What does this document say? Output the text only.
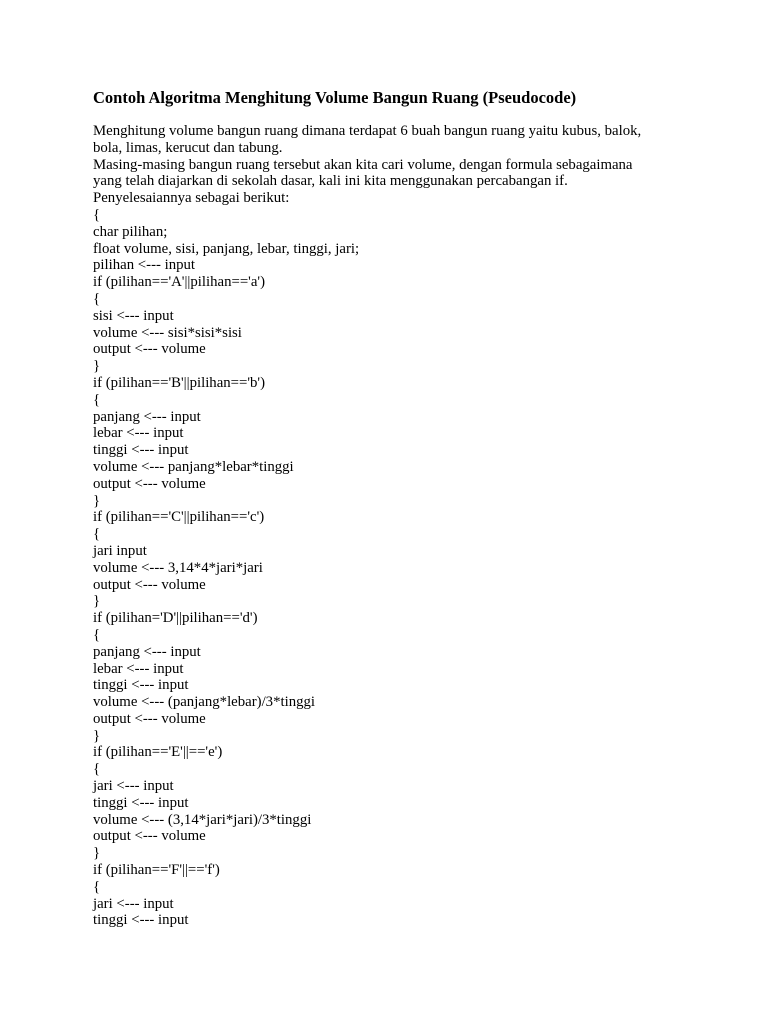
Contoh Algoritma Menghitung Volume Bangun Ruang (Pseudocode)

Menghitung volume bangun ruang dimana terdapat 6 buah bangun ruang yaitu kubus, balok,

bola, limas, kerucut dan tabung.

Masing-masing bangun ruang tersebut akan kita cari volume, dengan formula sebagaimana

yang telah diajarkan di sekolah dasar, kali ini kita menggunakan percabangan if.

Penyelesaiannya sebagai berikut:

{

char pilihan;

float volume, sisi, panjang, lebar, tinggi, jari;

pilihan <--- input

if (pilihan=='A'||pilihan=='a')

{

sisi <--- input

volume <--- sisi*sisi*sisi

output <--- volume

}

if (pilihan=='B'||pilihan=='b')

{

panjang <--- input

lebar <--- input

tinggi <--- input

volume <--- panjang*lebar*tinggi

output <--- volume

}

if (pilihan=='C'||pilihan=='c')

{

jari input

volume <--- 3,14*4*jari*jari

output <--- volume

}

if (pilihan='D'||pilihan=='d')

{

panjang <--- input

lebar <--- input

tinggi <--- input

volume <--- (panjang*lebar)/3*tinggi

output <--- volume

}

if (pilihan=='E'||=='e')

{

jari <--- input

tinggi <--- input

volume <--- (3,14*jari*jari)/3*tinggi

output <--- volume

}

if (pilihan=='F'||=='f')

{

jari <--- input

tinggi <--- input
